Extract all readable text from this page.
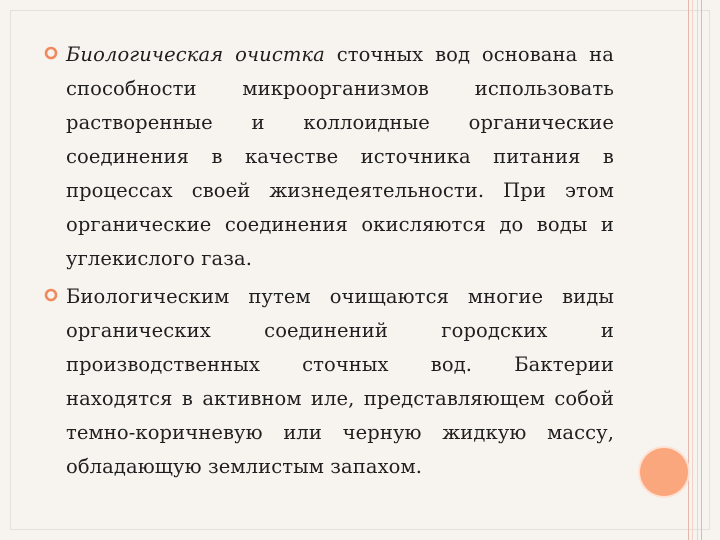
Биологическая очистка сточных вод основана на способности микроорганизмов использовать растворенные и коллоидные органические соединения в качестве источника питания в процессах своей жизнедеятельности. При этом органические соединения окисляются до воды и углекислого газа.
Биологическим путем очищаются многие виды органических соединений городских и производственных сточных вод. Бактерии находятся в активном иле, представляющем собой темно-коричневую или черную жидкую массу, обладающую землистым запахом.
